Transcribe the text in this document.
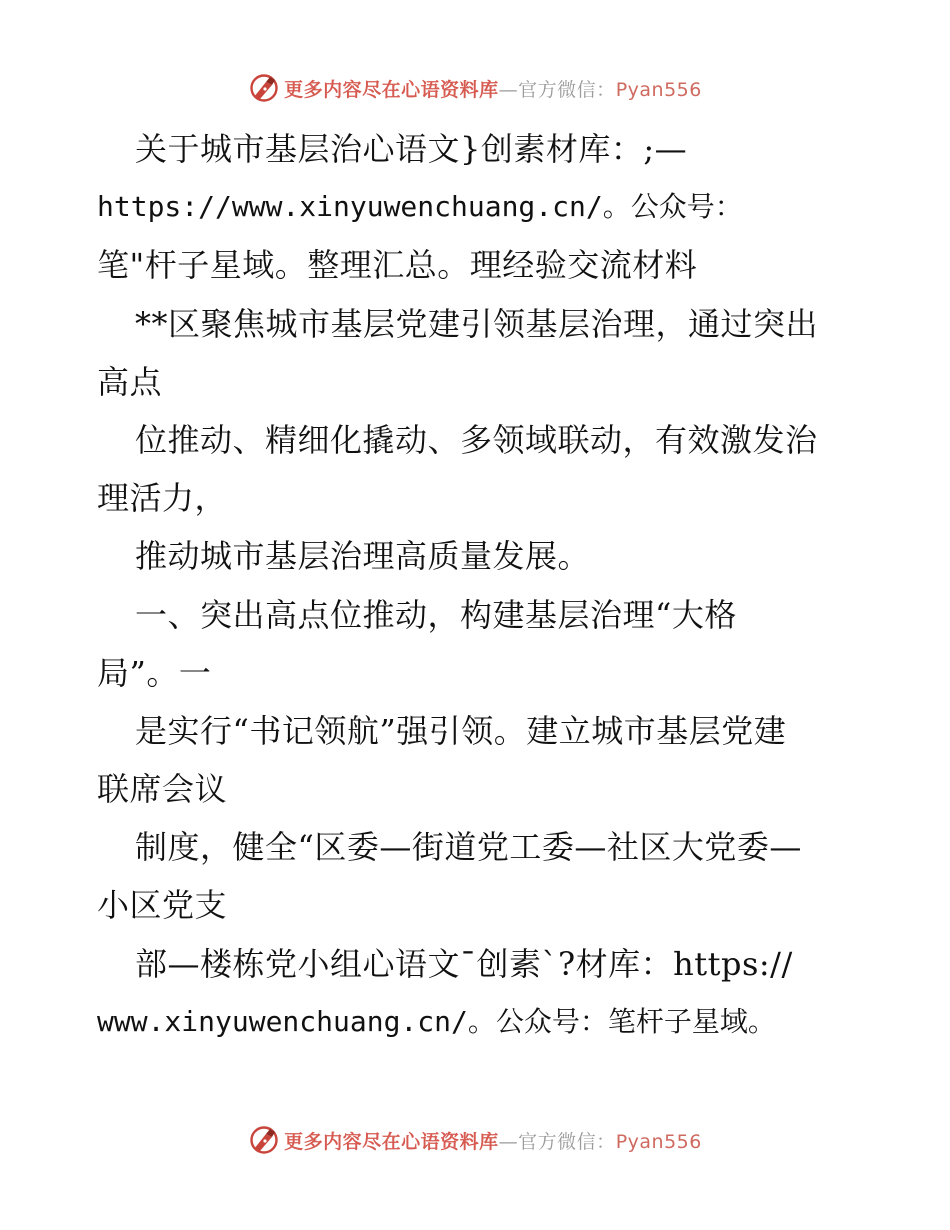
更多内容尽在心语资料库—官方微信：Pyan556
关于城市基层治心语文}创素材库：;—
https://www.xinyuwenchuang.cn/。公众号：
笔"杆子星域。整理汇总。理经验交流材料
**区聚焦城市基层党建引领基层治理，通过突出
高点
位推动、精细化撬动、多领域联动，有效激发治
理活力，
推动城市基层治理高质量发展。
一、突出高点位推动，构建基层治理“大格
局”。一
是实行“书记领航”强引领。建立城市基层党建
联席会议
制度，健全“区委—街道党工委—社区大党委—
小区党支
部—楼栋党小组心语文¯创素`?材库：https://
www.xinyuwenchuang.cn/。公众号：笔杆子星域。
更多内容尽在心语资料库—官方微信：Pyan556
